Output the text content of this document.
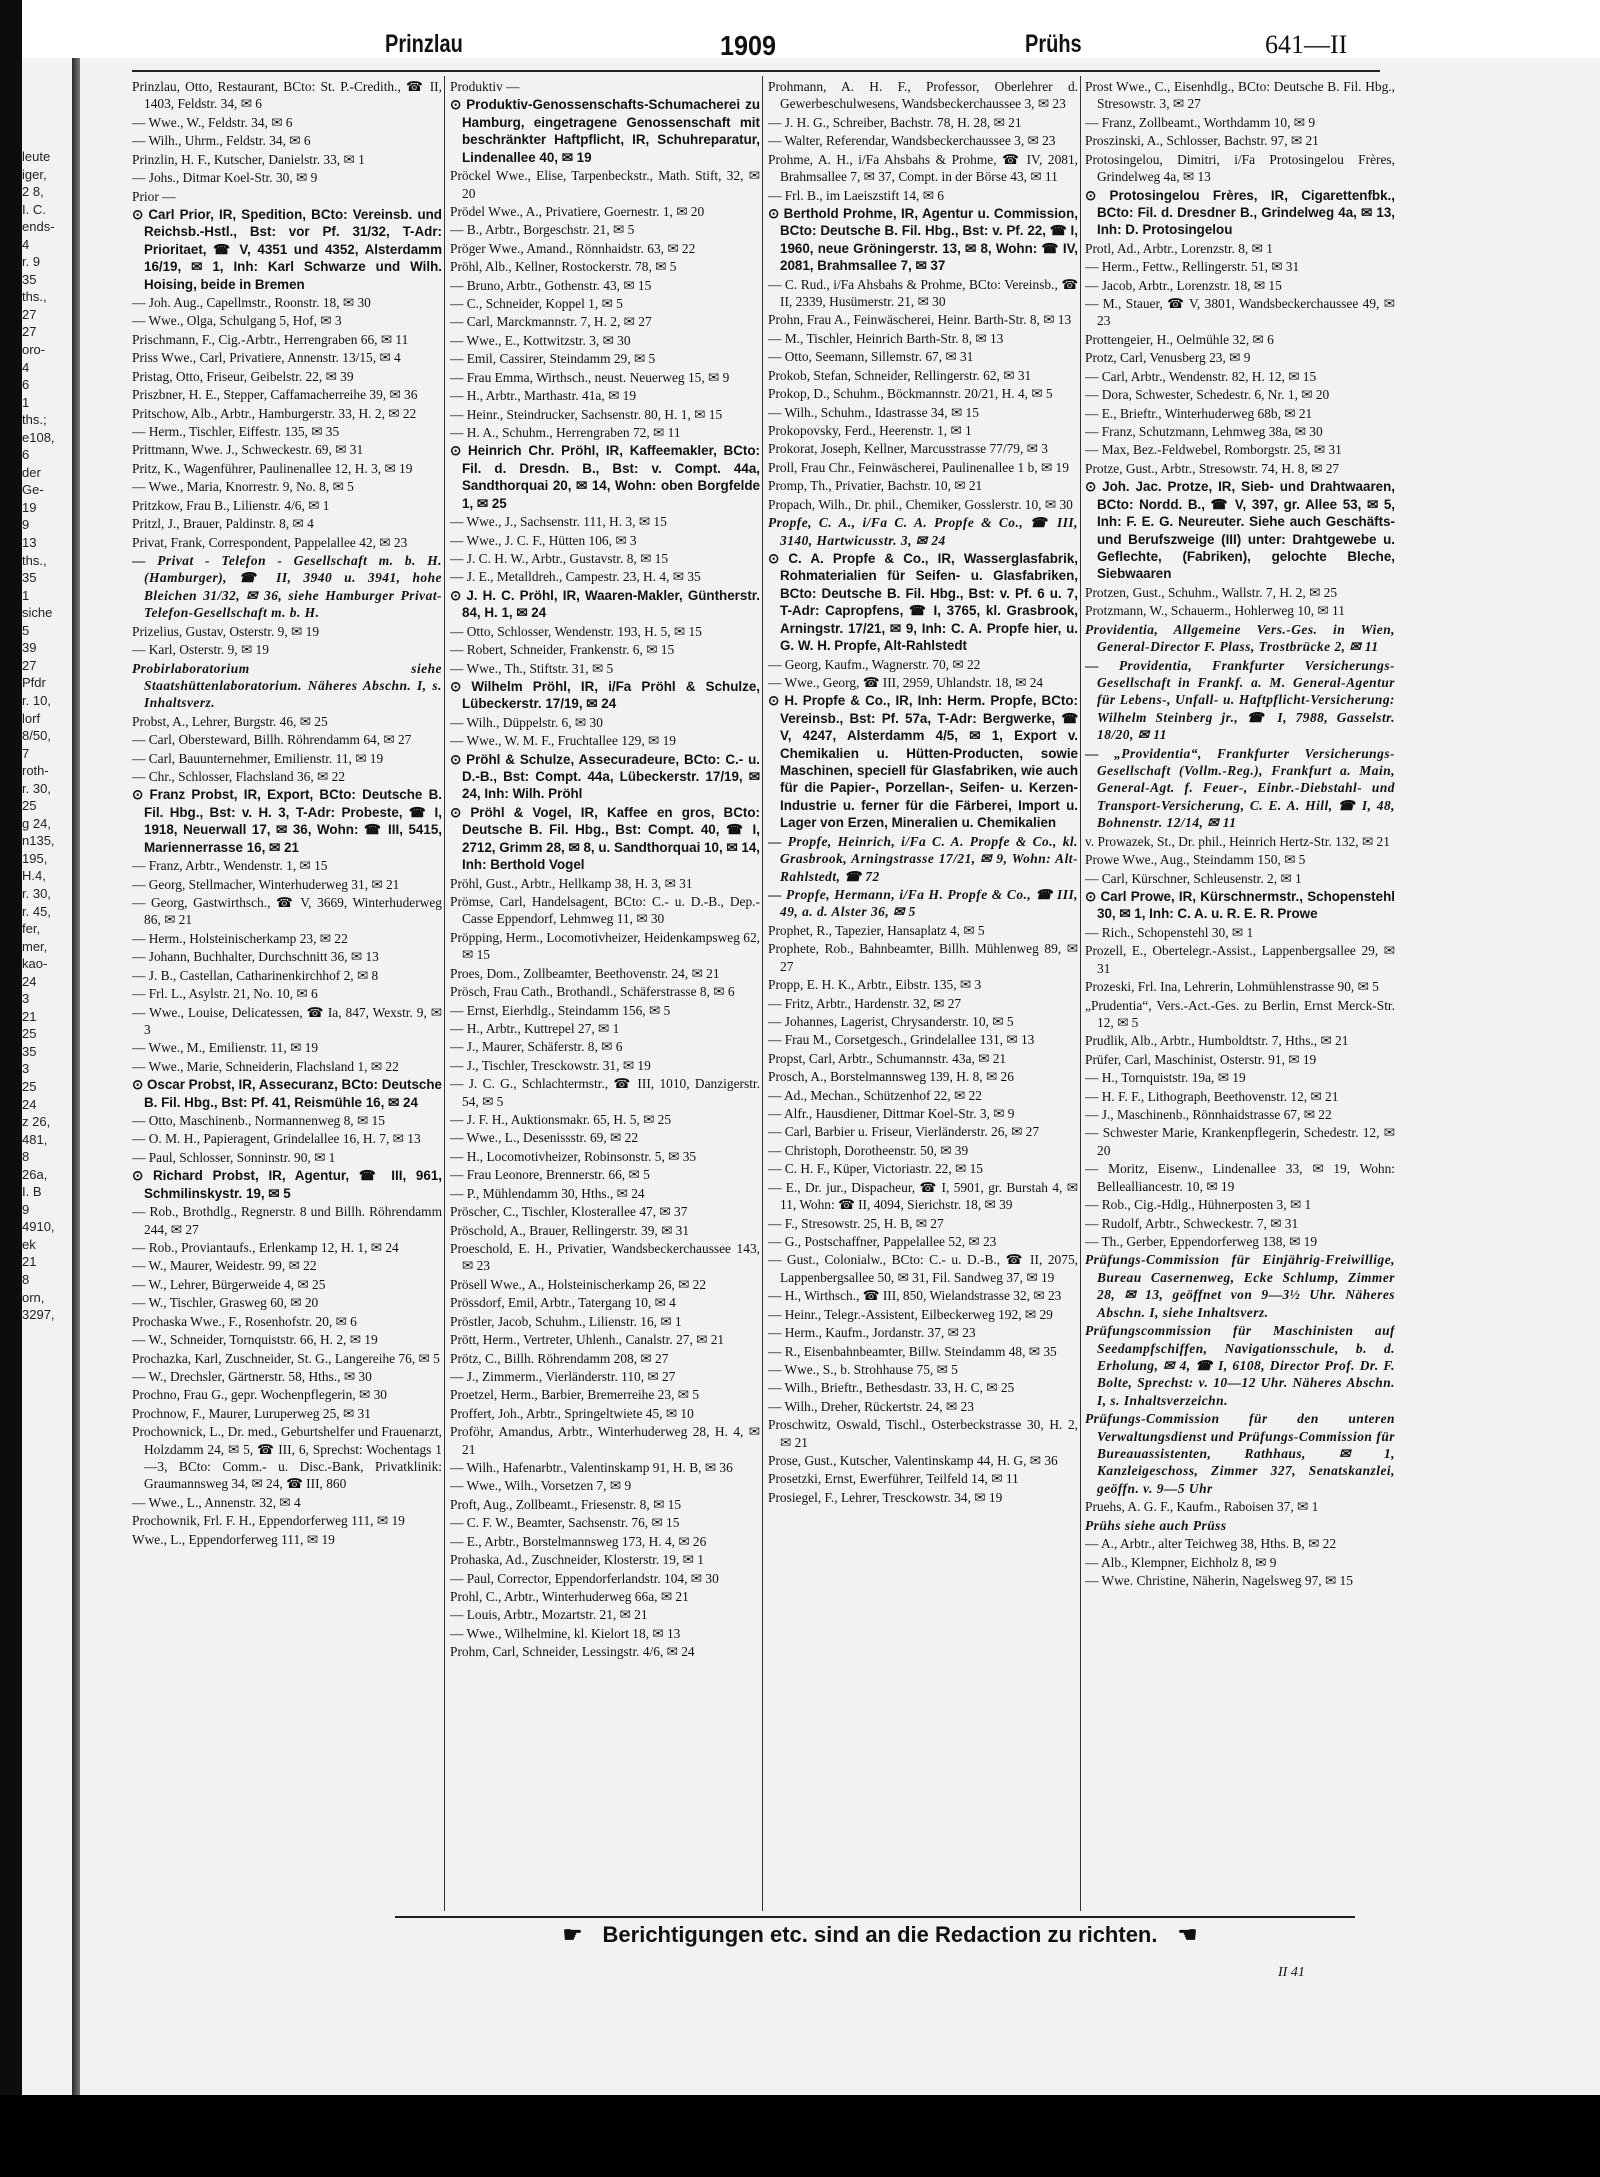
leute
iger,
2 8,
I. C.
ends-
4
r. 9
35
ths.,
27
27
oro-
4
6
1
ths.;
e108,
6
der
Ge-
19
9
13
ths.,
35
1
siche
5
39
27
Pfdr
r. 10,
lorf
8/50,
7
roth-
r. 30,
25
g 24,
n135,
195,
H.4,
r. 30,
r. 45,
fer,
mer,
kao-
24
3
21
25
35
3
25
24
z 26,
481,
8
26a,
I. B
9
4910,
ek
21
8
orn,
3297,
Prinzlau	1909	Prühs	641—II
Prinzlau, Otto, Restaurant, BCto: St. P.-Credith., ☎ II, 1403, Feldstr. 34, ✉ 6
— Wwe., W., Feldstr. 34, ✉ 6
— Wilh., Uhrm., Feldstr. 34, ✉ 6
Prinzlin, H. F., Kutscher, Danielstr. 33, ✉ 1
— Johs., Ditmar Koel-Str. 30, ✉ 9
Prior —
⊙ Carl Prior, IR, Spedition, BCto: Vereinsb. und Reichsb.-Hstl., Bst: vor Pf. 31/32, T-Adr: Prioritaet, ☎ V, 4351 und 4352, Alsterdamm 16/19, ✉ 1, Inh: Karl Schwarze und Wilh. Hoising, beide in Bremen
— Joh. Aug., Capellmstr., Roonstr. 18, ✉ 30
— Wwe., Olga, Schulgang 5, Hof, ✉ 3
Prischmann, F., Cig.-Arbtr., Herrengraben 66, ✉ 11
Priss Wwe., Carl, Privatiere, Annenstr. 13/15, ✉ 4
Pristag, Otto, Friseur, Geibelstr. 22, ✉ 39
Priszbner, H. E., Stepper, Caffamacherreihe 39, ✉ 36
Pritschow, Alb., Arbtr., Hamburgerstr. 33, H. 2, ✉ 22
— Herm., Tischler, Eiffestr. 135, ✉ 35
Prittmann, Wwe. J., Schweckestr. 69, ✉ 31
Pritz, K., Wagenführer, Paulinenallee 12, H. 3, ✉ 19
— Wwe., Maria, Knorrestr. 9, No. 8, ✉ 5
Pritzkow, Frau B., Lilienstr. 4/6, ✉ 1
Pritzl, J., Brauer, Paldinstr. 8, ✉ 4
Privat, Frank, Correspondent, Pappelallee 42, ✉ 23
— Privat - Telefon - Gesellschaft m. b. H. (Hamburger), ☎ II, 3940 u. 3941, hohe Bleichen 31/32, ✉ 36, siehe Hamburger Privat-Telefon-Gesellschaft m. b. H.
Prizelius, Gustav, Osterstr. 9, ✉ 19
— Karl, Osterstr. 9, ✉ 19
Probirlaboratorium siehe Staatshüttenlaboratorium. Näheres Abschn. I, s. Inhaltsverz.
Probst, A., Lehrer, Burgstr. 46, ✉ 25
— Carl, Obersteward, Billh. Röhrendamm 64, ✉ 27
— Carl, Bauunternehmer, Emilienstr. 11, ✉ 19
— Chr., Schlosser, Flachsland 36, ✉ 22
⊙ Franz Probst, IR, Export, BCto: Deutsche B. Fil. Hbg., Bst: v. H. 3, T-Adr: Probeste, ☎ I, 1918, Neuerwall 17, ✉ 36, Wohn: ☎ III, 5415, Mariennerrasse 16, ✉ 21
— Franz, Arbtr., Wendenstr. 1, ✉ 15
— Georg, Stellmacher, Winterhuderweg 31, ✉ 21
— Georg, Gastwirthsch., ☎ V, 3669, Winterhuderweg 86, ✉ 21
— Herm., Holsteinischerkamp 23, ✉ 22
— Johann, Buchhalter, Durchschnitt 36, ✉ 13
— J. B., Castellan, Catharinenkirchhof 2, ✉ 8
— Frl. L., Asylstr. 21, No. 10, ✉ 6
— Wwe., Louise, Delicatessen, ☎ Ia, 847, Wexstr. 9, ✉ 3
— Wwe., M., Emilienstr. 11, ✉ 19
— Wwe., Marie, Schneiderin, Flachsland 1, ✉ 22
⊙ Oscar Probst, IR, Assecuranz, BCto: Deutsche B. Fil. Hbg., Bst: Pf. 41, Reismühle 16, ✉ 24
— Otto, Maschinenb., Normannenweg 8, ✉ 15
— O. M. H., Papieragent, Grindelallee 16, H. 7, ✉ 13
— Paul, Schlosser, Sonninstr. 90, ✉ 1
⊙ Richard Probst, IR, Agentur, ☎ III, 961, Schmilinskystr. 19, ✉ 5
— Rob., Brothdlg., Regnerstr. 8 und Billh. Röhrendamm 244, ✉ 27
— Rob., Proviantaufs., Erlenkamp 12, H. 1, ✉ 24
— W., Maurer, Weidestr. 99, ✉ 22
— W., Lehrer, Bürgerweide 4, ✉ 25
— W., Tischler, Grasweg 60, ✉ 20
Prochaska Wwe., F., Rosenhofstr. 20, ✉ 6
— W., Schneider, Tornquiststr. 66, H. 2, ✉ 19
Prochazka, Karl, Zuschneider, St. G., Langereihe 76, ✉ 5
— W., Drechsler, Gärtnerstr. 58, Hths., ✉ 30
Prochno, Frau G., gepr. Wochenpflegerin, ✉ 30
Prochnow, F., Maurer, Luruperweg 25, ✉ 31
Prochownick, L., Dr. med., Geburtshelfer und Frauenarzt, Holzdamm 24, ✉ 5, ☎ III, 6, Sprechst: Wochentags 1—3, BCto: Comm.- u. Disc.-Bank, Privatklinik: Graumannsweg 34, ✉ 24, ☎ III, 860
— Wwe., L., Annenstr. 32, ✉ 4
Prochownik, Frl. F. H., Eppendorferweg 111, ✉ 19
Wwe., L., Eppendorferweg 111, ✉ 19
Produktiv —
⊙ Produktiv-Genossenschafts-Schumacherei zu Hamburg, eingetragene Genossenschaft mit beschränkter Haftpflicht, IR, Schuhreparatur, Lindenallee 40, ✉ 19
Pröckel Wwe., Elise, Tarpenbeckstr., Math. Stift, 32, ✉ 20
Prödel Wwe., A., Privatiere, Goernestr. 1, ✉ 20
— B., Arbtr., Borgeschstr. 21, ✉ 5
Pröger Wwe., Amand., Rönnhaidstr. 63, ✉ 22
Pröhl, Alb., Kellner, Rostockerstr. 78, ✉ 5
— Bruno, Arbtr., Gothenstr. 43, ✉ 15
— C., Schneider, Koppel 1, ✉ 5
— Carl, Marckmannstr. 7, H. 2, ✉ 27
— Wwe., E., Kottwitzstr. 3, ✉ 30
— Emil, Cassirer, Steindamm 29, ✉ 5
— Frau Emma, Wirthsch., neust. Neuerweg 15, ✉ 9
— H., Arbtr., Marthastr. 41a, ✉ 19
— Heinr., Steindrucker, Sachsenstr. 80, H. 1, ✉ 15
— H. A., Schuhm., Herrengraben 72, ✉ 11
⊙ Heinrich Chr. Pröhl, IR, Kaffeemakler, BCto: Fil. d. Dresdn. B., Bst: v. Compt. 44a, Sandthorquai 20, ✉ 14, Wohn: oben Borgfelde 1, ✉ 25
— Wwe., J., Sachsenstr. 111, H. 3, ✉ 15
— Wwe., J. C. F., Hütten 106, ✉ 3
— J. C. H. W., Arbtr., Gustavstr. 8, ✉ 15
— J. E., Metalldreh., Campestr. 23, H. 4, ✉ 35
⊙ J. H. C. Pröhl, IR, Waaren-Makler, Güntherstr. 84, H. 1, ✉ 24
— Otto, Schlosser, Wendenstr. 193, H. 5, ✉ 15
— Robert, Schneider, Frankenstr. 6, ✉ 15
— Wwe., Th., Stiftstr. 31, ✉ 5
⊙ Wilhelm Pröhl, IR, i/Fa Pröhl & Schulze, Lübeckerstr. 17/19, ✉ 24
— Wilh., Düppelstr. 6, ✉ 30
— Wwe., W. M. F., Fruchtallee 129, ✉ 19
⊙ Pröhl & Schulze, Assecuradeure, BCto: C.- u. D.-B., Bst: Compt. 44a, Lübeckerstr. 17/19, ✉ 24, Inh: Wilh. Pröhl
⊙ Pröhl & Vogel, IR, Kaffee en gros, BCto: Deutsche B. Fil. Hbg., Bst: Compt. 40, ☎ I, 2712, Grimm 28, ✉ 8, u. Sandthorquai 10, ✉ 14, Inh: Berthold Vogel
Pröhl, Gust., Arbtr., Hellkamp 38, H. 3, ✉ 31
Prömse, Carl, Handelsagent, BCto: C.- u. D.-B., Dep.-Casse Eppendorf, Lehmweg 11, ✉ 30
Pröpping, Herm., Locomotivheizer, Heidenkampsweg 62, ✉ 15
Proes, Dom., Zollbeamter, Beethovenstr. 24, ✉ 21
Prösch, Frau Cath., Brothandl., Schäferstrasse 8, ✉ 6
— Ernst, Eierhdlg., Steindamm 156, ✉ 5
— H., Arbtr., Kuttrepel 27, ✉ 1
— J., Maurer, Schäferstr. 8, ✉ 6
— J., Tischler, Tresckowstr. 31, ✉ 19
— J. C. G., Schlachtermstr., ☎ III, 1010, Danzigerstr. 54, ✉ 5
— J. F. H., Auktionsmakr. 65, H. 5, ✉ 25
— Wwe., L., Desenissstr. 69, ✉ 22
— H., Locomotivheizer, Robinsonstr. 5, ✉ 35
— Frau Leonore, Brennerstr. 66, ✉ 5
— P., Mühlendamm 30, Hths., ✉ 24
Pröscher, C., Tischler, Klosterallee 47, ✉ 37
Pröschold, A., Brauer, Rellingerstr. 39, ✉ 31
Proeschold, E. H., Privatier, Wandsbeckerchaussee 143, ✉ 23
Prösell Wwe., A., Holsteinischerkamp 26, ✉ 22
Prössdorf, Emil, Arbtr., Tatergang 10, ✉ 4
Pröstler, Jacob, Schuhm., Lilienstr. 16, ✉ 1
Prött, Herm., Vertreter, Uhlenh., Canalstr. 27, ✉ 21
Prötz, C., Billh. Röhrendamm 208, ✉ 27
— J., Zimmerm., Vierländerstr. 110, ✉ 27
Proetzel, Herm., Barbier, Bremerreihe 23, ✉ 5
Proffert, Joh., Arbtr., Springeltwiete 45, ✉ 10
Proföhr, Amandus, Arbtr., Winterhuderweg 28, H. 4, ✉ 21
— Wilh., Hafenarbtr., Valentinskamp 91, H. B, ✉ 36
— Wwe., Wilh., Vorsetzen 7, ✉ 9
Proft, Aug., Zollbeamt., Friesenstr. 8, ✉ 15
— C. F. W., Beamter, Sachsenstr. 76, ✉ 15
— E., Arbtr., Borstelmannsweg 173, H. 4, ✉ 26
Prohaska, Ad., Zuschneider, Klosterstr. 19, ✉ 1
— Paul, Corrector, Eppendorferlandstr. 104, ✉ 30
Prohl, C., Arbtr., Winterhuderweg 66a, ✉ 21
— Louis, Arbtr., Mozartstr. 21, ✉ 21
— Wwe., Wilhelmine, kl. Kielort 18, ✉ 13
Prohm, Carl, Schneider, Lessingstr. 4/6, ✉ 24
Prohmann, A. H. F., Professor, Oberlehrer d. Gewerbeschulwesens, Wandsbeckerchaussee 3, ✉ 23
— J. H. G., Schreiber, Bachstr. 78, H. 28, ✉ 21
— Walter, Referendar, Wandsbeckerchaussee 3, ✉ 23
Prohme, A. H., i/Fa Ahsbahs & Prohme, ☎ IV, 2081, Brahmsallee 7, ✉ 37, Compt. in der Börse 43, ✉ 11
— Frl. B., im Laeiszstift 14, ✉ 6
⊙ Berthold Prohme, IR, Agentur u. Commission, BCto: Deutsche B. Fil. Hbg., Bst: v. Pf. 22, ☎ I, 1960, neue Gröningerstr. 13, ✉ 8, Wohn: ☎ IV, 2081, Brahmsallee 7, ✉ 37
— C. Rud., i/Fa Ahsbahs & Prohme, BCto: Vereinsb., ☎ II, 2339, Husümerstr. 21, ✉ 30
Prohn, Frau A., Feinwäscherei, Heinr. Barth-Str. 8, ✉ 13
— M., Tischler, Heinrich Barth-Str. 8, ✉ 13
— Otto, Seemann, Sillemstr. 67, ✉ 31
Prokob, Stefan, Schneider, Rellingerstr. 62, ✉ 31
Prokop, D., Schuhm., Böckmannstr. 20/21, H. 4, ✉ 5
— Wilh., Schuhm., Idastrasse 34, ✉ 15
Prokopovsky, Ferd., Heerenstr. 1, ✉ 1
Prokorat, Joseph, Kellner, Marcusstrasse 77/79, ✉ 3
Proll, Frau Chr., Feinwäscherei, Paulinenallee 1 b, ✉ 19
Promp, Th., Privatier, Bachstr. 10, ✉ 21
Propach, Wilh., Dr. phil., Chemiker, Gosslerstr. 10, ✉ 30
Propfe, C. A., i/Fa C. A. Propfe & Co., ☎ III, 3140, Hartwicusstr. 3, ✉ 24
⊙ C. A. Propfe & Co., IR, Wasserglasfabrik, Rohmaterialien für Seifen- u. Glasfabriken, BCto: Deutsche B. Fil. Hbg., Bst: v. Pf. 6 u. 7, T-Adr: Capropfens, ☎ I, 3765, kl. Grasbrook, Arningstr. 17/21, ✉ 9, Inh: C. A. Propfe hier, u. G. W. H. Propfe, Alt-Rahlstedt
— Georg, Kaufm., Wagnerstr. 70, ✉ 22
— Wwe., Georg, ☎ III, 2959, Uhlandstr. 18, ✉ 24
⊙ H. Propfe & Co., IR, Inh: Herm. Propfe, BCto: Vereinsb., Bst: Pf. 57a, T-Adr: Bergwerke, ☎ V, 4247, Alsterdamm 4/5, ✉ 1, Export v. Chemikalien u. Hütten-Producten, sowie Maschinen, speciell für Glasfabriken, wie auch für die Papier-, Porzellan-, Seifen- u. Kerzen-Industrie u. ferner für die Färberei, Import u. Lager von Erzen, Mineralien u. Chemikalien
— Propfe, Heinrich, i/Fa C. A. Propfe & Co., kl. Grasbrook, Arningstrasse 17/21, ✉ 9, Wohn: Alt-Rahlstedt, ☎ 72
— Propfe, Hermann, i/Fa H. Propfe & Co., ☎ III, 49, a. d. Alster 36, ✉ 5
Prophet, R., Tapezier, Hansaplatz 4, ✉ 5
Prophete, Rob., Bahnbeamter, Billh. Mühlenweg 89, ✉ 27
Propp, E. H. K., Arbtr., Eibstr. 135, ✉ 3
— Fritz, Arbtr., Hardenstr. 32, ✉ 27
— Johannes, Lagerist, Chrysanderstr. 10, ✉ 5
— Frau M., Corsetgesch., Grindelallee 131, ✉ 13
Propst, Carl, Arbtr., Schumannstr. 43a, ✉ 21
Prosch, A., Borstelmannsweg 139, H. 8, ✉ 26
— Ad., Mechan., Schützenhof 22, ✉ 22
— Alfr., Hausdiener, Dittmar Koel-Str. 3, ✉ 9
— Carl, Barbier u. Friseur, Vierländerstr. 26, ✉ 27
— Christoph, Dorotheenstr. 50, ✉ 39
— C. H. F., Küper, Victoriastr. 22, ✉ 15
— E., Dr. jur., Dispacheur, ☎ I, 5901, gr. Burstah 4, ✉ 11, Wohn: ☎ II, 4094, Sierichstr. 18, ✉ 39
— F., Stresowstr. 25, H. B, ✉ 27
— G., Postschaffner, Pappelallee 52, ✉ 23
— Gust., Colonialw., BCto: C.- u. D.-B., ☎ II, 2075, Lappenbergsallee 50, ✉ 31, Fil. Sandweg 37, ✉ 19
— H., Wirthsch., ☎ III, 850, Wielandstrasse 32, ✉ 23
— Heinr., Telegr.-Assistent, Eilbeckerweg 192, ✉ 29
— Herm., Kaufm., Jordanstr. 37, ✉ 23
— R., Eisenbahnbeamter, Billw. Steindamm 48, ✉ 35
— Wwe., S., b. Strohhause 75, ✉ 5
— Wilh., Brieftr., Bethesdastr. 33, H. C, ✉ 25
— Wilh., Dreher, Rückertstr. 24, ✉ 23
Proschwitz, Oswald, Tischl., Osterbeckstrasse 30, H. 2, ✉ 21
Prose, Gust., Kutscher, Valentinskamp 44, H. G, ✉ 36
Prosetzki, Ernst, Ewerführer, Teilfeld 14, ✉ 11
Prosiegel, F., Lehrer, Tresckowstr. 34, ✉ 19
Prost Wwe., C., Eisenhdlg., BCto: Deutsche B. Fil. Hbg., Stresowstr. 3, ✉ 27
— Franz, Zollbeamt., Worthdamm 10, ✉ 9
Proszinski, A., Schlosser, Bachstr. 97, ✉ 21
Protosingelou, Dimitri, i/Fa Protosingelou Frères, Grindelweg 4a, ✉ 13
⊙ Protosingelou Frères, IR, Cigarettenfbk., BCto: Fil. d. Dresdner B., Grindelweg 4a, ✉ 13, Inh: D. Protosingelou
Protl, Ad., Arbtr., Lorenzstr. 8, ✉ 1
— Herm., Fettw., Rellingerstr. 51, ✉ 31
— Jacob, Arbtr., Lorenzstr. 18, ✉ 15
— M., Stauer, ☎ V, 3801, Wandsbeckerchaussee 49, ✉ 23
Prottengeier, H., Oelmühle 32, ✉ 6
Protz, Carl, Venusberg 23, ✉ 9
— Carl, Arbtr., Wendenstr. 82, H. 12, ✉ 15
— Dora, Schwester, Schedestr. 6, Nr. 1, ✉ 20
— E., Brieftr., Winterhuderweg 68b, ✉ 21
— Franz, Schutzmann, Lehmweg 38a, ✉ 30
— Max, Bez.-Feldwebel, Romborgstr. 25, ✉ 31
Protze, Gust., Arbtr., Stresowstr. 74, H. 8, ✉ 27
⊙ Joh. Jac. Protze, IR, Sieb- und Drahtwaaren, BCto: Nordd. B., ☎ V, 397, gr. Allee 53, ✉ 5, Inh: F. E. G. Neureuter. Siehe auch Geschäfts- und Berufszweige (III) unter: Drahtgewebe u. Geflechte, (Fabriken), gelochte Bleche, Siebwaaren
Protzen, Gust., Schuhm., Wallstr. 7, H. 2, ✉ 25
Protzmann, W., Schauerm., Hohlerweg 10, ✉ 11
Providentia, Allgemeine Vers.-Ges. in Wien, General-Director F. Plass, Trostbrücke 2, ✉ 11
— Providentia, Frankfurter Versicherungs-Gesellschaft in Frankf. a. M. General-Agentur für Lebens-, Unfall- u. Haftpflicht-Versicherung: Wilhelm Steinberg jr., ☎ I, 7988, Gasselstr. 18/20, ✉ 11
— „Providentia“, Frankfurter Versicherungs-Gesellschaft (Vollm.-Reg.), Frankfurt a. Main, General-Agt. f. Feuer-, Einbr.-Diebstahl- und Transport-Versicherung, C. E. A. Hill, ☎ I, 48, Bohnenstr. 12/14, ✉ 11
v. Prowazek, St., Dr. phil., Heinrich Hertz-Str. 132, ✉ 21
Prowe Wwe., Aug., Steindamm 150, ✉ 5
— Carl, Kürschner, Schleusenstr. 2, ✉ 1
⊙ Carl Prowe, IR, Kürschnermstr., Schopenstehl 30, ✉ 1, Inh: C. A. u. R. E. R. Prowe
— Rich., Schopenstehl 30, ✉ 1
Prozell, E., Obertelegr.-Assist., Lappenbergsallee 29, ✉ 31
Prozeski, Frl. Ina, Lehrerin, Lohmühlenstrasse 90, ✉ 5
„Prudentia“, Vers.-Act.-Ges. zu Berlin, Ernst Merck-Str. 12, ✉ 5
Prudlik, Alb., Arbtr., Humboldtstr. 7, Hths., ✉ 21
Prüfer, Carl, Maschinist, Osterstr. 91, ✉ 19
— H., Tornquiststr. 19a, ✉ 19
— H. F. F., Lithograph, Beethovenstr. 12, ✉ 21
— J., Maschinenb., Rönnhaidstrasse 67, ✉ 22
— Schwester Marie, Krankenpflegerin, Schedestr. 12, ✉ 20
— Moritz, Eisenw., Lindenallee 33, ✉ 19, Wohn: Bellealliancestr. 10, ✉ 19
— Rob., Cig.-Hdlg., Hühnerposten 3, ✉ 1
— Rudolf, Arbtr., Schweckestr. 7, ✉ 31
— Th., Gerber, Eppendorferweg 138, ✉ 19
Prüfungs-Commission für Einjährig-Freiwillige, Bureau Casernenweg, Ecke Schlump, Zimmer 28, ✉ 13, geöffnet von 9—3½ Uhr. Näheres Abschn. I, siehe Inhaltsverz.
Prüfungscommission für Maschinisten auf Seedampfschiffen, Navigationsschule, b. d. Erholung, ✉ 4, ☎ I, 6108, Director Prof. Dr. F. Bolte, Sprechst: v. 10—12 Uhr. Näheres Abschn. I, s. Inhaltsverzeichn.
Prüfungs-Commission für den unteren Verwaltungsdienst und Prüfungs-Commission für Bureauassistenten, Rathhaus, ✉ 1, Kanzleigeschoss, Zimmer 327, Senatskanzlei, geöffn. v. 9—5 Uhr
Pruehs, A. G. F., Kaufm., Raboisen 37, ✉ 1
Prühs siehe auch Prüss
— A., Arbtr., alter Teichweg 38, Hths. B, ✉ 22
— Alb., Klempner, Eichholz 8, ✉ 9
— Wwe. Christine, Näherin, Nagelsweg 97, ✉ 15
☛ Berichtigungen etc. sind an die Redaction zu richten. ☚
II 41
